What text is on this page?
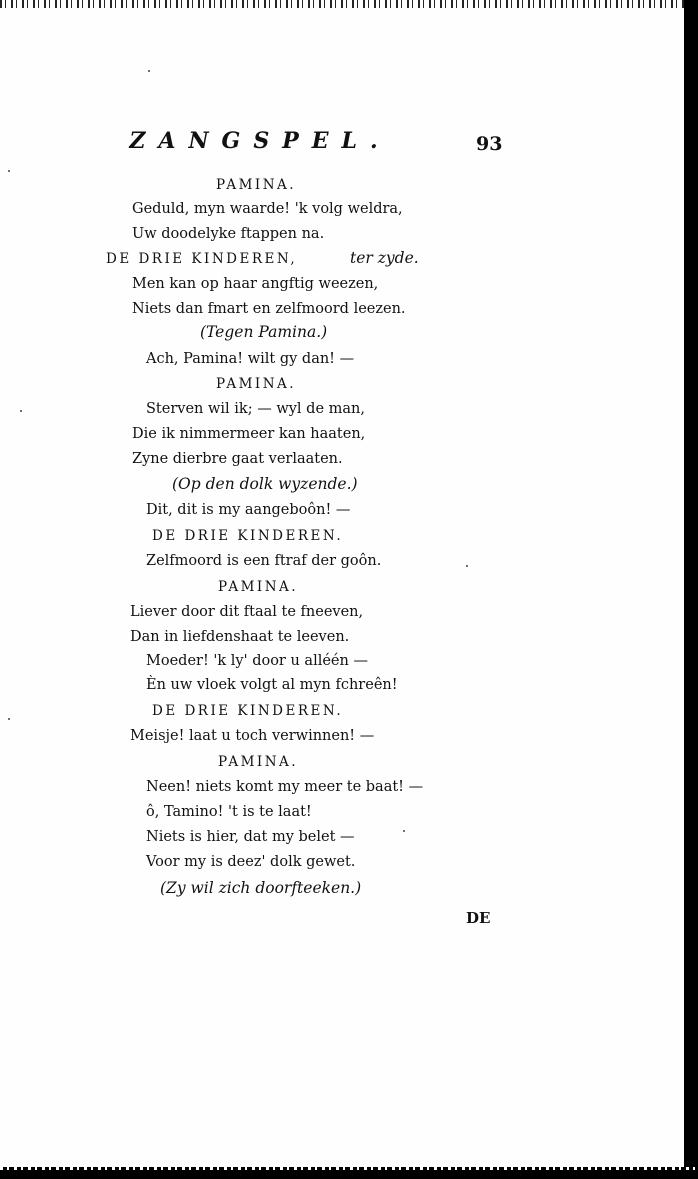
ZANGSPEL.	93
PAMINA.
Geduld, myn waarde! 'k volg weldra,
Uw doodelyke ftappen na.
DE DRIE KINDEREN,	ter zyde.
Men kan op haar angftig weezen,
Niets dan fmart en zelfmoord leezen.
(Tegen Pamina.)
Ach, Pamina! wilt gy dan! —
PAMINA.
Sterven wil ik; — wyl de man,
Die ik nimmermeer kan haaten,
Zyne dierbre gaat verlaaten.
(Op den dolk wyzende.)
Dit, dit is my aangeboôn! —
DE DRIE KINDEREN.
Zelfmoord is een ftraf der goôn.
PAMINA.
Liever door dit ftaal te fneeven,
Dan in liefdenshaat te leeven.
Moeder! 'k ly' door u alléén —
Èn uw vloek volgt al myn fchreên!
DE DRIE KINDEREN.
Meisje! laat u toch verwinnen! —
PAMINA.
Neen! niets komt my meer te baat! —
ô, Tamino! 't is te laat!
Niets is hier, dat my belet —
Voor my is deez' dolk gewet.
(Zy wil zich doorfteeken.)
DE
